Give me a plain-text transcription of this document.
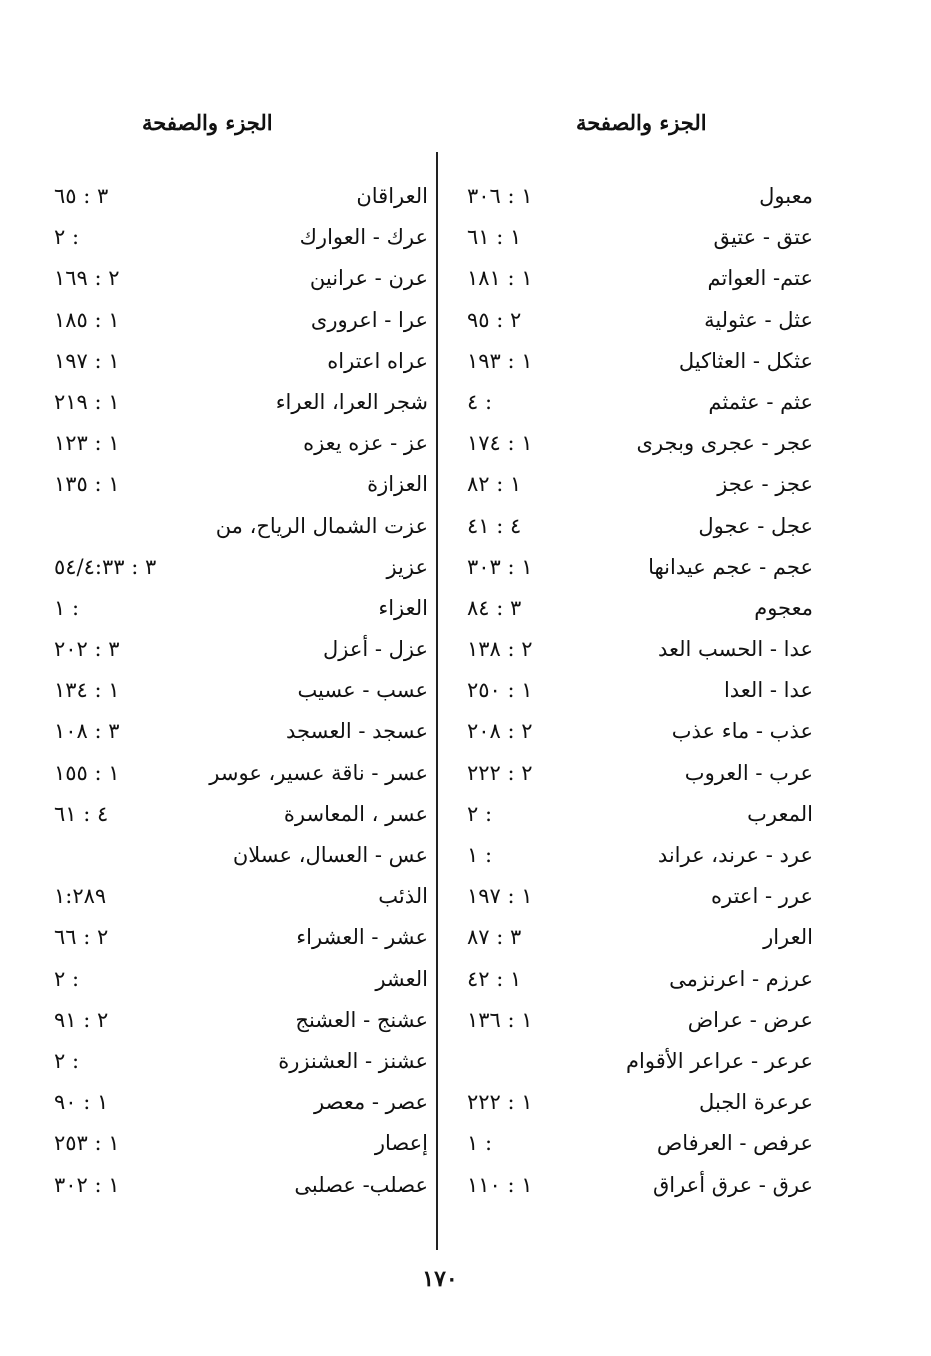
الجزء والصفحة
الجزء والصفحة
معبول
١ : ٣٠٦
عتق - عتيق
١ : ٦١
عتم- العواتم
١ : ١٨١
عثل - عثولية
٢ : ٩٥
عثكل - العثاكيل
١ : ١٩٣
عثم - عثمثم
٤ :
عجر - عجرى وبجرى
١ : ١٧٤
عجز - عجز
١ : ٨٢
عجل - عجول
٤ : ٤١
عجم - عجم عيدانها
١ : ٣٠٣
معجوم
٣ : ٨٤
عدا - الحسب العد
٢ : ١٣٨
عدا - العدا
١ : ٢٥٠
عذب - ماء عذب
٢ : ٢٠٨
عرب - العروب
٢ : ٢٢٢
المعرب
٢ :
عرد - عرند، عراند
١ :
عرر - اعتره
١ : ١٩٧
العرار
٣ : ٨٧
عرزم - اعرنزمى
١ : ٤٢
عرض - عراض
١ : ١٣٦
عرعر - عراعر الأقوام
عرعرة الجبل
١ : ٢٢٢
عرفص - العرفاص
١ :
عرق - عرق أعراق
١ : ١١٠
العراقان
٣ : ٦٥
عرك - العوارك
٢ :
عرن - عرانين
٢ : ١٦٩
عرا - اعرورى
١ : ١٨٥
عراه اعتراه
١ : ١٩٧
شجر العرا، العراء
١ : ٢١٩
عز - عزه يعزه
١ : ١٢٣
العزازة
١ : ١٣٥
عزت الشمال الرياح، من
عزيز
٣ : ٥٤/٤:٣٣
العزاء
١ :
عزل - أعزل
٣ : ٢٠٢
عسب - عسيب
١ : ١٣٤
عسجد - العسجد
٣ : ١٠٨
عسر - ناقة عسير، عوسر
١ : ١٥٥
عسر ، المعاسرة
٤ : ٦١
عس - العسال، عسلان
الذئب
١:٢٨٩
عشر - العشراء
٢ : ٦٦
العشر
٢ :
عشنج - العشنج
٢ : ٩١
عشنز - العشنزرة
٢ :
عصر - معصر
١ : ٩٠
إعصار
١ : ٢٥٣
عصلب- عصلبى
١ : ٣٠٢
١٧٠
